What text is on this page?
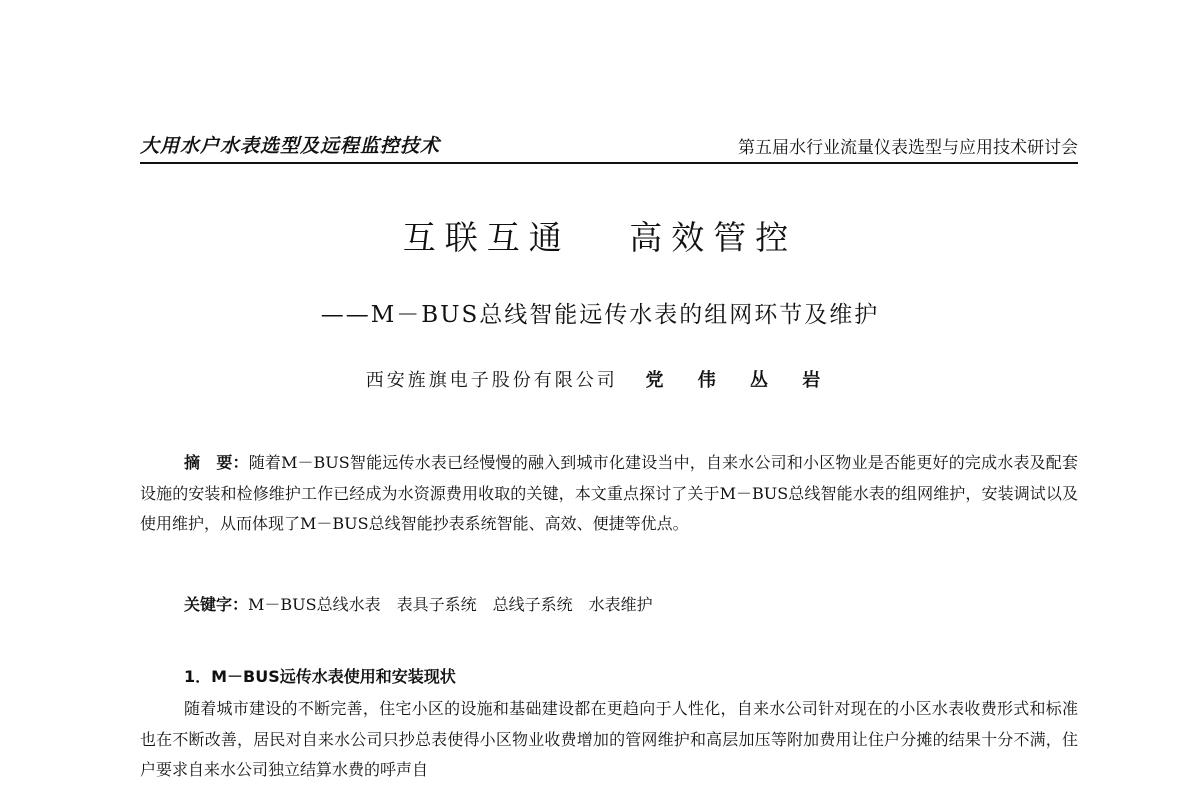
大用水户水表选型及远程监控技术	第五届水行业流量仪表选型与应用技术研讨会
互联互通   高效管控
——M－BUS总线智能远传水表的组网环节及维护
西安旌旗电子股份有限公司 党 伟 丛 岩

摘　要：随着M－BUS智能远传水表已经慢慢的融入到城市化建设当中，自来水公司和小区物业是否能更好的完成水表及配套设施的安装和检修维护工作已经成为水资源费用收取的关键，本文重点探讨了关于M－BUS总线智能水表的组网维护，安装调试以及使用维护，从而体现了M－BUS总线智能抄表系统智能、高效、便捷等优点。

关键字：M－BUS总线水表　表具子系统　总线子系统　水表维护
1．M－BUS远传水表使用和安装现状

随着城市建设的不断完善，住宅小区的设施和基础建设都在更趋向于人性化，自来水公司针对现在的小区水表收费形式和标准也在不断改善，居民对自来水公司只抄总表使得小区物业收费增加的管网维护和高层加压等附加费用让住户分摊的结果十分不满，住户要求自来水公司独立结算水费的呼声自
